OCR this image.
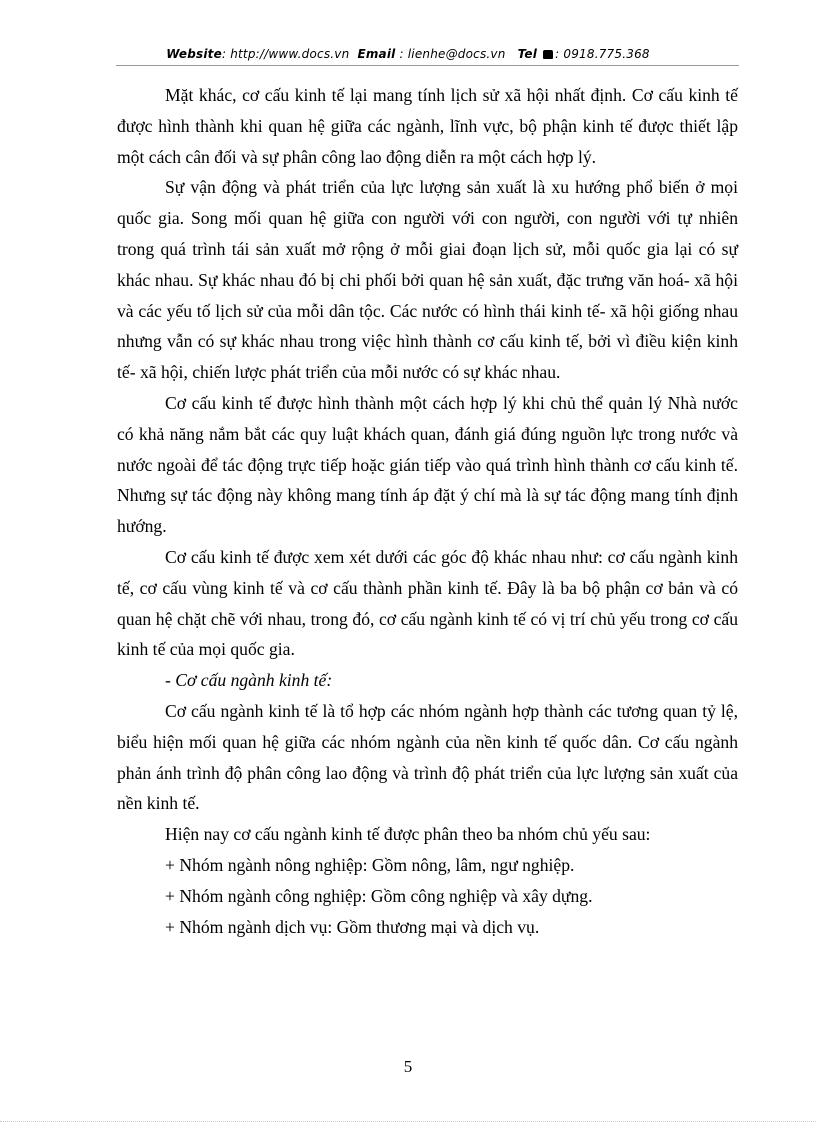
Website: http://www.docs.vn Email : lienhe@docs.vn Tel : 0918.775.368

Mặt khác, cơ cấu kinh tế lại mang tính lịch sử xã hội nhất định. Cơ cấu kinh tế được hình thành khi quan hệ giữa các ngành, lĩnh vực, bộ phận kinh tế được thiết lập một cách cân đối và sự phân công lao động diễn ra một cách hợp lý.

Sự vận động và phát triển của lực lượng sản xuất là xu hướng phổ biến ở mọi quốc gia. Song mối quan hệ giữa con người với con người, con người với tự nhiên trong quá trình tái sản xuất mở rộng ở mỗi giai đoạn lịch sử, mỗi quốc gia lại có sự khác nhau. Sự khác nhau đó bị chi phối bởi quan hệ sản xuất, đặc trưng văn hoá- xã hội và các yếu tố lịch sử của mỗi dân tộc. Các nước có hình thái kinh tế- xã hội giống nhau nhưng vẫn có sự khác nhau trong việc hình thành cơ cấu kinh tế, bởi vì điều kiện kinh tế- xã hội, chiến lược phát triển của mỗi nước có sự khác nhau.

Cơ cấu kinh tế được hình thành một cách hợp lý khi chủ thể quản lý Nhà nước có khả năng nắm bắt các quy luật khách quan, đánh giá đúng nguồn lực trong nước và nước ngoài để tác động trực tiếp hoặc gián tiếp vào quá trình hình thành cơ cấu kinh tế. Nhưng sự tác động này không mang tính áp đặt ý chí mà là sự tác động mang tính định hướng.

Cơ cấu kinh tế được xem xét dưới các góc độ khác nhau như: cơ cấu ngành kinh tế, cơ cấu vùng kinh tế và cơ cấu thành phần kinh tế. Đây là ba bộ phận cơ bản và có quan hệ chặt chẽ với nhau, trong đó, cơ cấu ngành kinh tế có vị trí chủ yếu trong cơ cấu kinh tế của mọi quốc gia.

- Cơ cấu ngành kinh tế:

Cơ cấu ngành kinh tế là tổ hợp các nhóm ngành hợp thành các tương quan tỷ lệ, biểu hiện mối quan hệ giữa các nhóm ngành của nền kinh tế quốc dân. Cơ cấu ngành phản ánh trình độ phân công lao động và trình độ phát triển của lực lượng sản xuất của nền kinh tế.

Hiện nay cơ cấu ngành kinh tế được phân theo ba nhóm chủ yếu sau:

+ Nhóm ngành nông nghiệp: Gồm nông, lâm, ngư nghiệp.

+ Nhóm ngành công nghiệp: Gồm công nghiệp và xây dựng.

+ Nhóm ngành dịch vụ: Gồm thương mại và dịch vụ.

5
